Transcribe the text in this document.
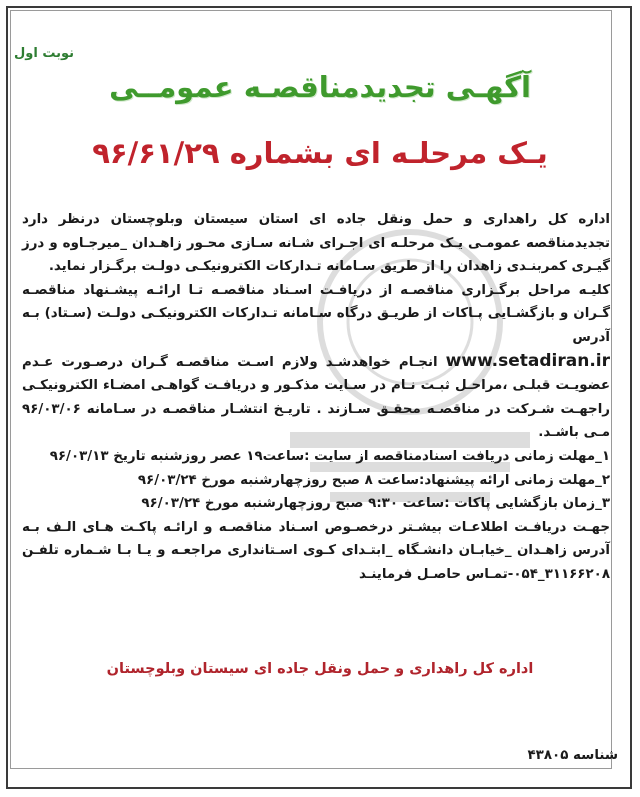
نوبت اول
آگهـی تجدیدمناقصـه عمومــی
یـک مرحلـه ای بشماره ۹۶/۶۱/۲۹

اداره کل راهداری و حمل ونقل جاده ای استان سیستان وبلوچستان درنظر دارد تجدیدمناقصه عمومـی یـک مرحلـه ای اجـرای شـانه سـازی محـور زاهـدان _میرجـاوه و درز گیـری کمربنـدی زاهدان را از طریق سـامانه تـدارکات الکترونیکـی دولـت برگـزار نماید.

کلیـه مراحل برگـزاری مناقصـه از دریافـت اسـناد مناقصـه تـا ارائـه پیشـنهاد مناقصـه گـران و بازگشـایی پـاکات از طریـق درگاه سـامانه تـدارکات الکترونیکـی دولـت (سـتاد) بـه آدرس
www.setadiran.ir انجـام خواهدشـد ولازم اسـت مناقصـه گـران درصـورت عـدم عضویـت قبلـی ،مراحـل ثبـت نـام در سـایت مذکـور و دریافـت گواهـی امضـاء الکترونیکـی راجهـت شـرکت در مناقصـه محقـق سـازند . تاریـخ انتشـار مناقصـه در سـامانه ۹۶/۰۳/۰۶ مـی باشـد.

۱_مهلت زمانی دریافت اسنادمناقصه از سایت :ساعت۱۹ عصر روزشنبه تاریخ ۹۶/۰۳/۱۳
۲_مهلت زمانی ارائه پیشنهاد:ساعت ۸ صبح روزچهارشنبه مورخ ۹۶/۰۳/۲۴
۳_زمان بازگشایی پاکات :ساعت ۹:۳۰ صبح روزچهارشنبه مورخ ۹۶/۰۳/۲۴

جهـت دریافـت اطلاعـات بیشـتر درخصـوص اسـناد مناقصـه و ارائـه پاکـت هـای الـف بـه آدرس زاهـدان _خیابـان دانشـگاه _ابتـدای کـوی اسـتانداری مراجعـه و یـا بـا شـماره تلفـن ۳۱۱۶۶۲۰۸_۰۵۴-تمـاس حاصـل فرماینـد

اداره کل راهداری و حمل ونقل جاده ای سیستان وبلوچستان
شناسه ۴۳۸۰۵
